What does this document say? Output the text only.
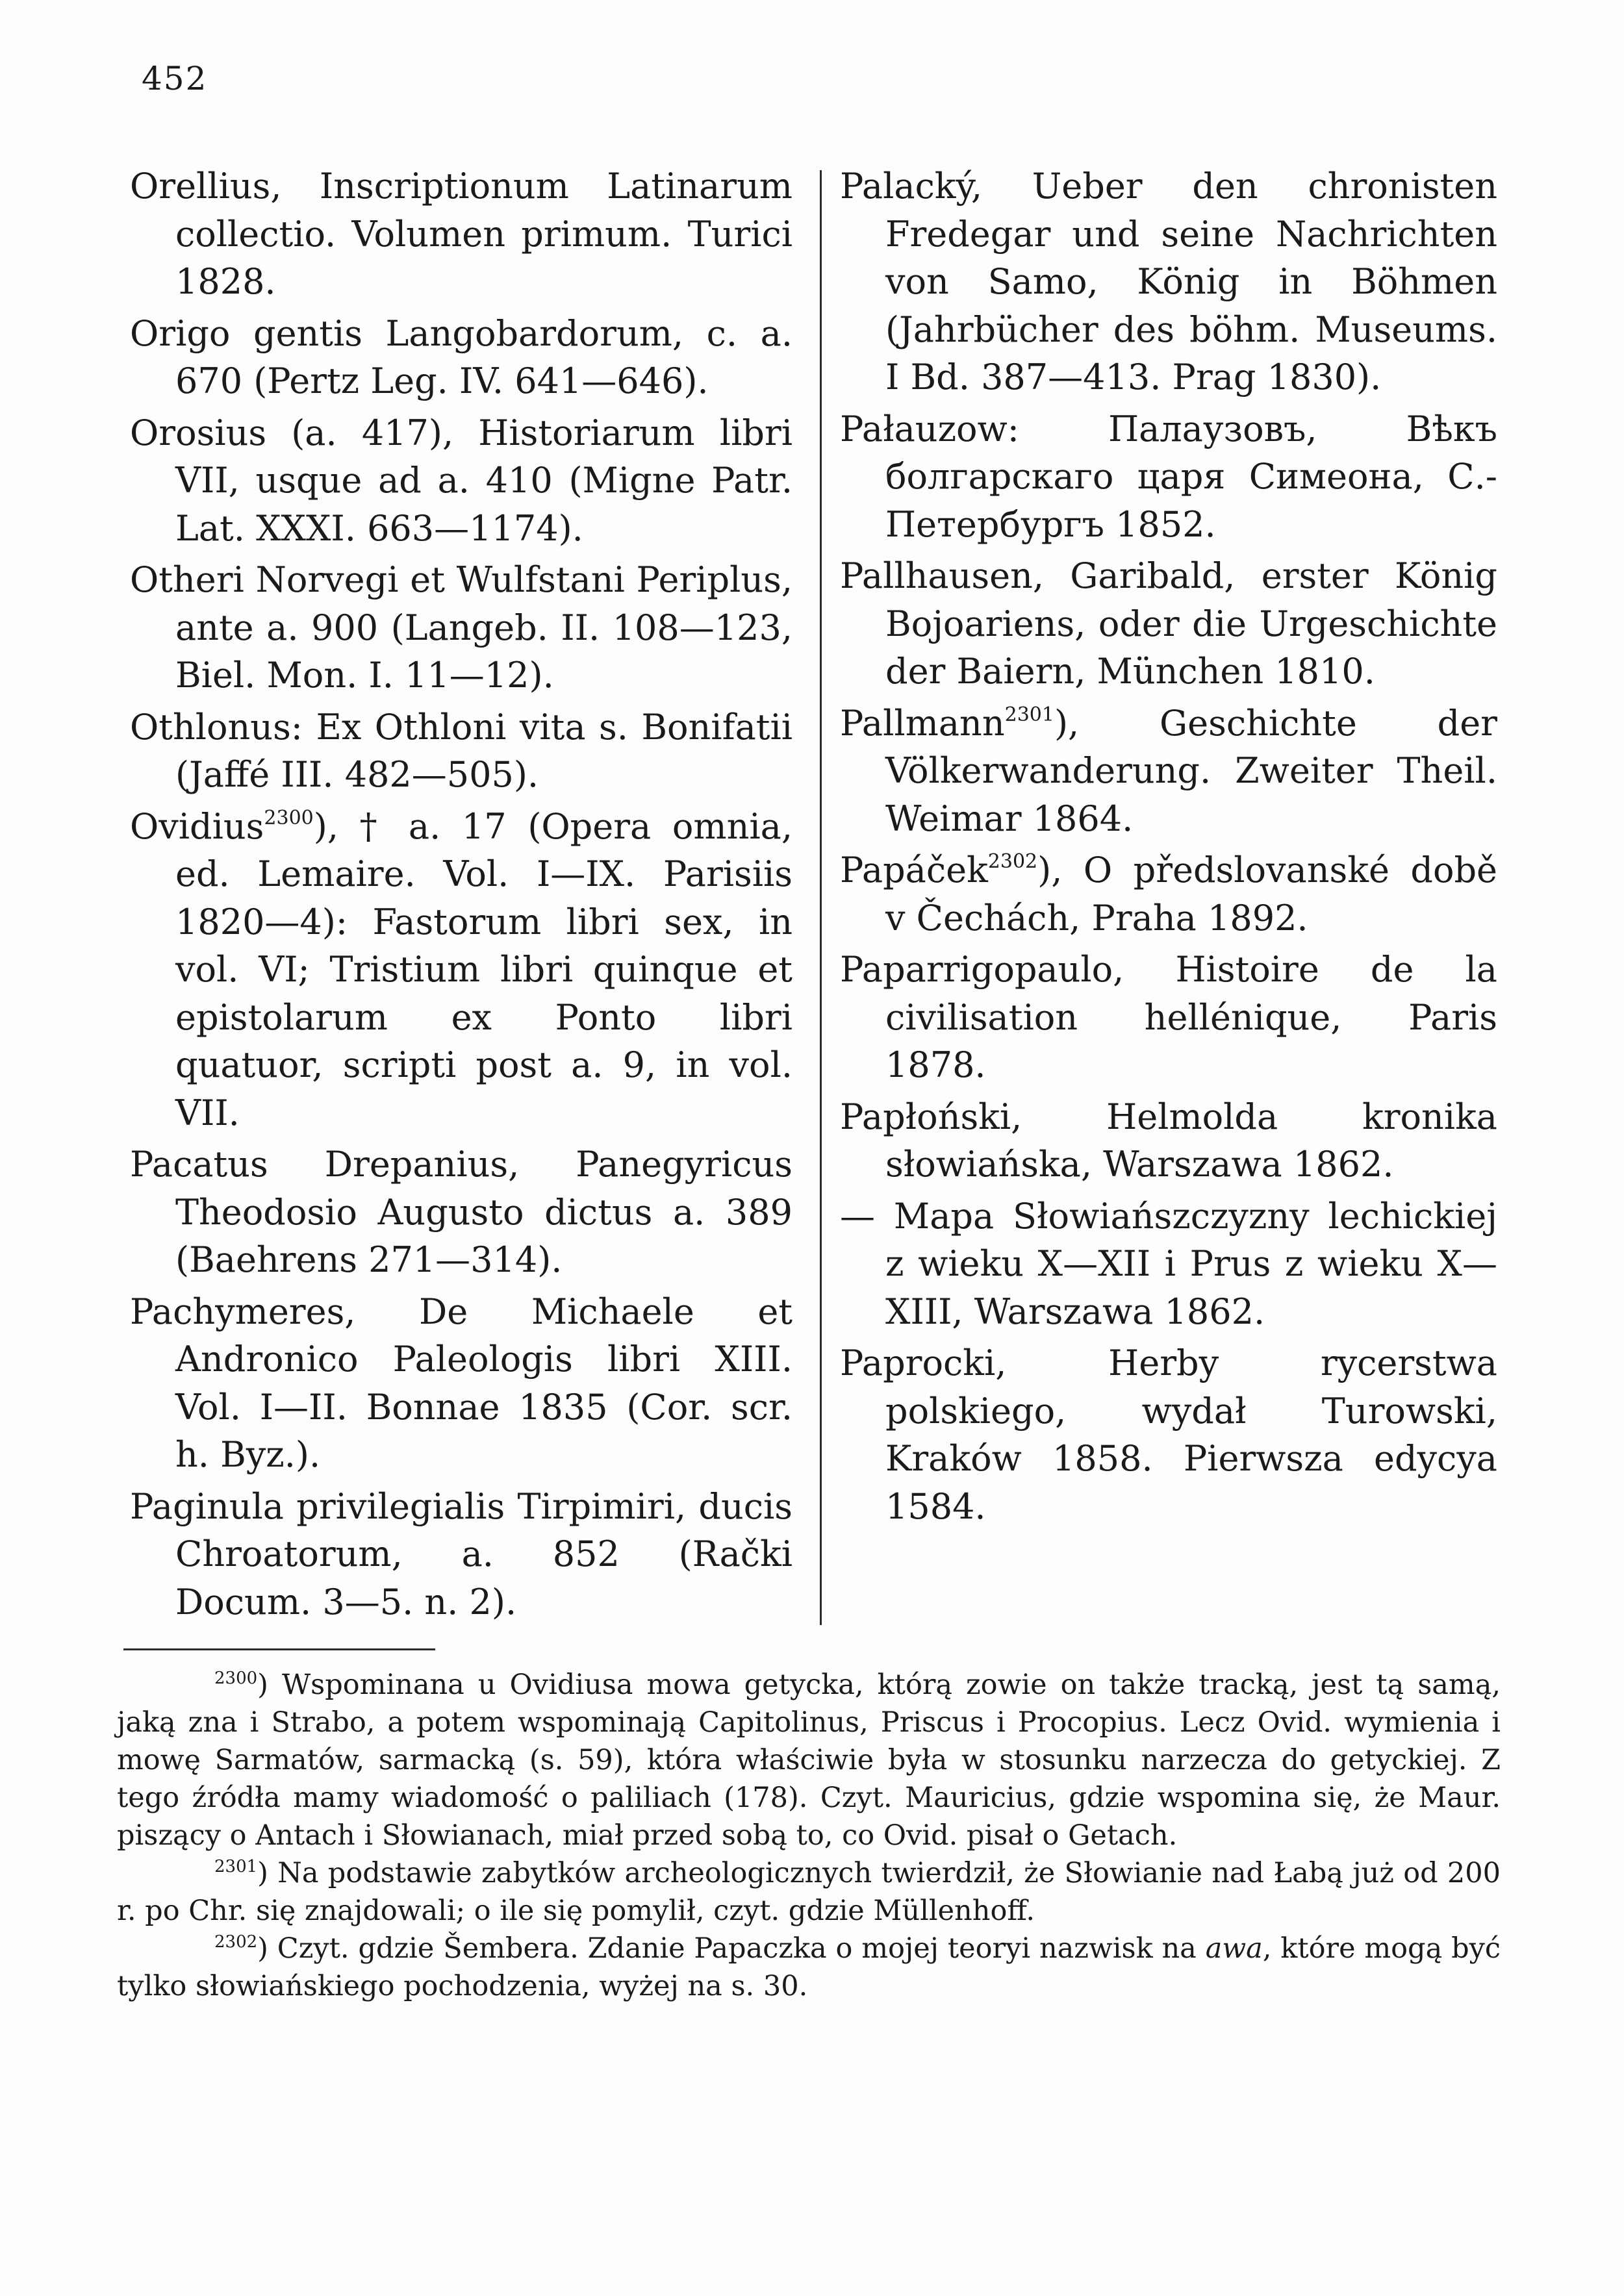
452

Orellius, Inscriptionum Latinarum collectio. Volumen primum. Turici 1828.

Origo gentis Langobardorum, c. a. 670 (Pertz Leg. IV. 641—646).

Orosius (a. 417), Historiarum libri VII, usque ad a. 410 (Migne Patr. Lat. XXXI. 663—1174).

Otheri Norvegi et Wulfstani Periplus, ante a. 900 (Langeb. II. 108—123, Biel. Mon. I. 11—12).

Othlonus: Ex Othloni vita s. Bonifatii (Jaffé III. 482—505).

Ovidius$^{2300}$), † a. 17 (Opera omnia, ed. Lemaire. Vol. I—IX. Parisiis 1820—4): Fastorum libri sex, in vol. VI; Tristium libri quinque et epistolarum ex Ponto libri quatuor, scripti post a. 9, in vol. VII.

Pacatus Drepanius, Panegyricus Theodosio Augusto dictus a. 389 (Baehrens 271—314).

Pachymeres, De Michaele et Andronico Paleologis libri XIII. Vol. I—II. Bonnae 1835 (Cor. scr. h. Byz.).

Paginula privilegialis Tirpimiri, ducis Chroatorum, a. 852 (Rački Docum. 3—5. n. 2).

Palacký, Ueber den chronisten Fredegar und seine Nachrichten von Samo, König in Böhmen (Jahrbücher des böhm. Museums. I Bd. 387—413. Prag 1830).

Pałauzow: Палаузовъ, Вѣкъ болгарскаго царя Симеона, С.-Петербургъ 1852.

Pallhausen, Garibald, erster König Bojoariens, oder die Urgeschichte der Baiern, München 1810.

Pallmann$^{2301}$), Geschichte der Völkerwanderung. Zweiter Theil. Weimar 1864.

Papáček$^{2302}$), O předslovanské době v Čechách, Praha 1892.

Paparrigopaulo, Histoire de la civilisation hellénique, Paris 1878.

Papłoński, Helmolda kronika słowiańska, Warszawa 1862.

— Mapa Słowiańszczyzny lechickiej z wieku X—XII i Prus z wieku X—XIII, Warszawa 1862.

Paprocki, Herby rycerstwa polskiego, wydał Turowski, Kraków 1858. Pierwsza edycya 1584.

$^{2300}$) Wspominana u Ovidiusa mowa getycka, którą zowie on także tracką, jest tą samą, jaką zna i Strabo, a potem wspominają Capitolinus, Priscus i Procopius. Lecz Ovid. wymienia i mowę Sarmatów, sarmacką (s. 59), która właściwie była w stosunku narzecza do getyckiej. Z tego źródła mamy wiadomość o paliliach (178). Czyt. Mauricius, gdzie wspomina się, że Maur. piszący o Antach i Słowianach, miał przed sobą to, co Ovid. pisał o Getach.

$^{2301}$) Na podstawie zabytków archeologicznych twierdził, że Słowianie nad Łabą już od 200 r. po Chr. się znajdowali; o ile się pomylił, czyt. gdzie Müllenhoff.

$^{2302}$) Czyt. gdzie Šembera. Zdanie Papaczka o mojej teoryi nazwisk na awa, które mogą być tylko słowiańskiego pochodzenia, wyżej na s. 30.
